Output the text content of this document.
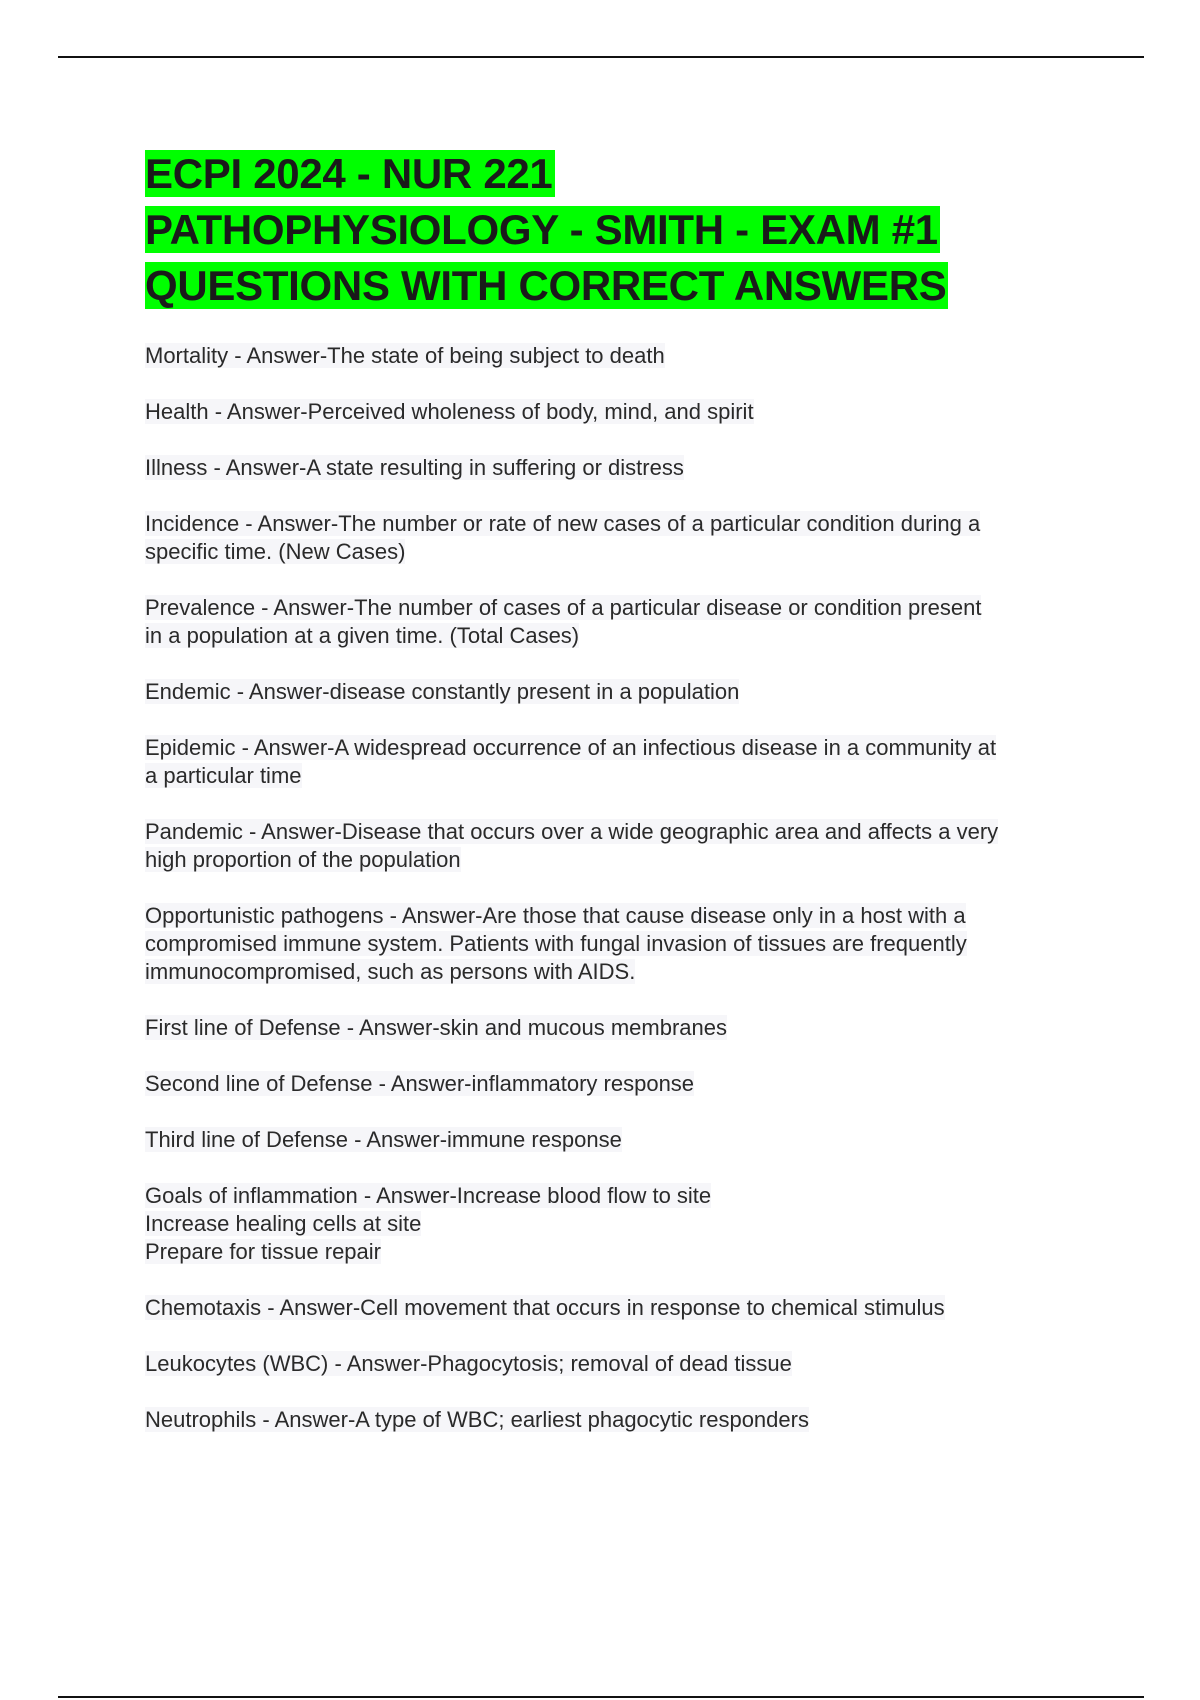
ECPI 2024 - NUR 221
PATHOPHYSIOLOGY - SMITH - EXAM #1
QUESTIONS WITH CORRECT ANSWERS
Mortality - Answer-The state of being subject to death
Health - Answer-Perceived wholeness of body, mind, and spirit
Illness - Answer-A state resulting in suffering or distress
Incidence - Answer-The number or rate of new cases of a particular condition during a
specific time. (New Cases)
Prevalence - Answer-The number of cases of a particular disease or condition present
in a population at a given time. (Total Cases)
Endemic - Answer-disease constantly present in a population
Epidemic - Answer-A widespread occurrence of an infectious disease in a community at
a particular time
Pandemic - Answer-Disease that occurs over a wide geographic area and affects a very
high proportion of the population
Opportunistic pathogens - Answer-Are those that cause disease only in a host with a
compromised immune system. Patients with fungal invasion of tissues are frequently
immunocompromised, such as persons with AIDS.
First line of Defense - Answer-skin and mucous membranes
Second line of Defense - Answer-inflammatory response
Third line of Defense - Answer-immune response
Goals of inflammation - Answer-Increase blood flow to site
Increase healing cells at site
Prepare for tissue repair
Chemotaxis - Answer-Cell movement that occurs in response to chemical stimulus
Leukocytes (WBC) - Answer-Phagocytosis; removal of dead tissue
Neutrophils - Answer-A type of WBC; earliest phagocytic responders
